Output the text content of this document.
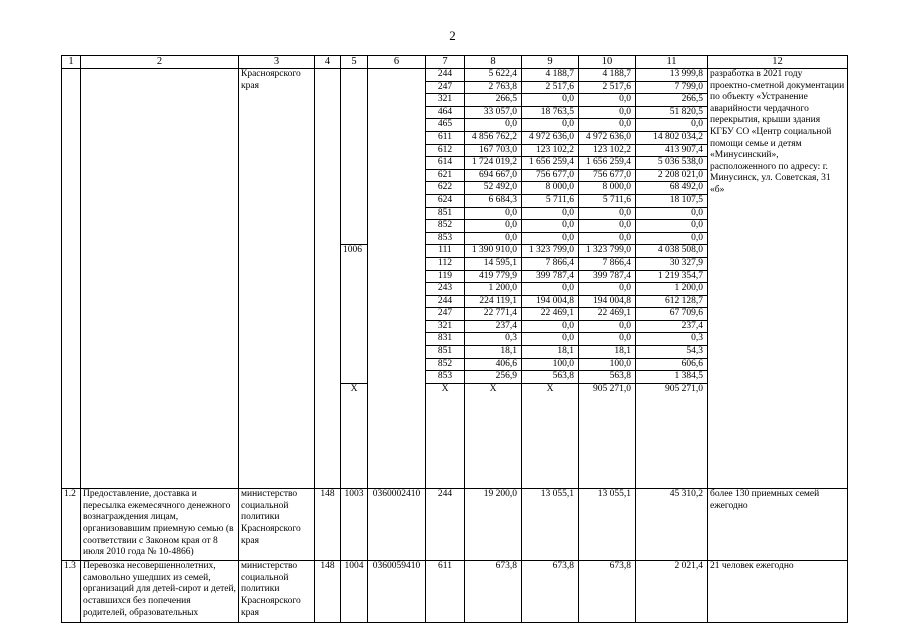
2
1	2	3	4	5	6	7	8	9	10	11	12	
		Красноярского края				244	5 622,4	4 188,7	4 188,7	13 999,8	разработка в 2021 году проектно-сметной документации по объекту «Устранение аварийности чердачного перекрытия, крыши здания КГБУ СО «Центр социальной помощи семье и детям «Минусинский», расположенного по адресу: г. Минусинск, ул. Советская, 31 «б»	
						247	2 763,8	2 517,6	2 517,6	7 799,0		
						321	266,5	0,0	0,0	266,5		
						464	33 057,0	18 763,5	0,0	51 820,5		
						465	0,0	0,0	0,0	0,0		
						611	4 856 762,2	4 972 636,0	4 972 636,0	14 802 034,2		
						612	167 703,0	123 102,2	123 102,2	413 907,4		
						614	1 724 019,2	1 656 259,4	1 656 259,4	5 036 538,0		
						621	694 667,0	756 677,0	756 677,0	2 208 021,0		
						622	52 492,0	8 000,0	8 000,0	68 492,0		
						624	6 684,3	5 711,6	5 711,6	18 107,5		
						851	0,0	0,0	0,0	0,0		
						852	0,0	0,0	0,0	0,0		
						853	0,0	0,0	0,0	0,0		
				1006		111	1 390 910,0	1 323 799,0	1 323 799,0	4 038 508,0		
						112	14 595,1	7 866,4	7 866,4	30 327,9		
						119	419 779,9	399 787,4	399 787,4	1 219 354,7		
						243	1 200,0	0,0	0,0	1 200,0		
						244	224 119,1	194 004,8	194 004,8	612 128,7		
						247	22 771,4	22 469,1	22 469,1	67 709,6		
						321	237,4	0,0	0,0	237,4		
						831	0,3	0,0	0,0	0,3		
						851	18,1	18,1	18,1	54,3		
						852	406,6	100,0	100,0	606,6		
						853	256,9	563,8	563,8	1 384,5		
				X		X	X	X	905 271,0	905 271,0			
1.2	Предоставление, доставка и пересылка ежемесячного денежного вознаграждения лицам, организовавшим приемную семью (в соответствии с Законом края от 8 июля 2010 года № 10-4866)	министерство социальной политики Красноярского края	148	1003	0360002410	244	19 200,0	13 055,1	13 055,1	45 310,2	более 130 приемных семей ежегодно	
1.3	Перевозка несовершеннолетних, самовольно ушедших из семей, организаций для детей-сирот и детей, оставшихся без попечения родителей, образовательных	министерство социальной политики Красноярского края	148	1004	0360059410	611	673,8	673,8	673,8	2 021,4	21 человек ежегодно	
